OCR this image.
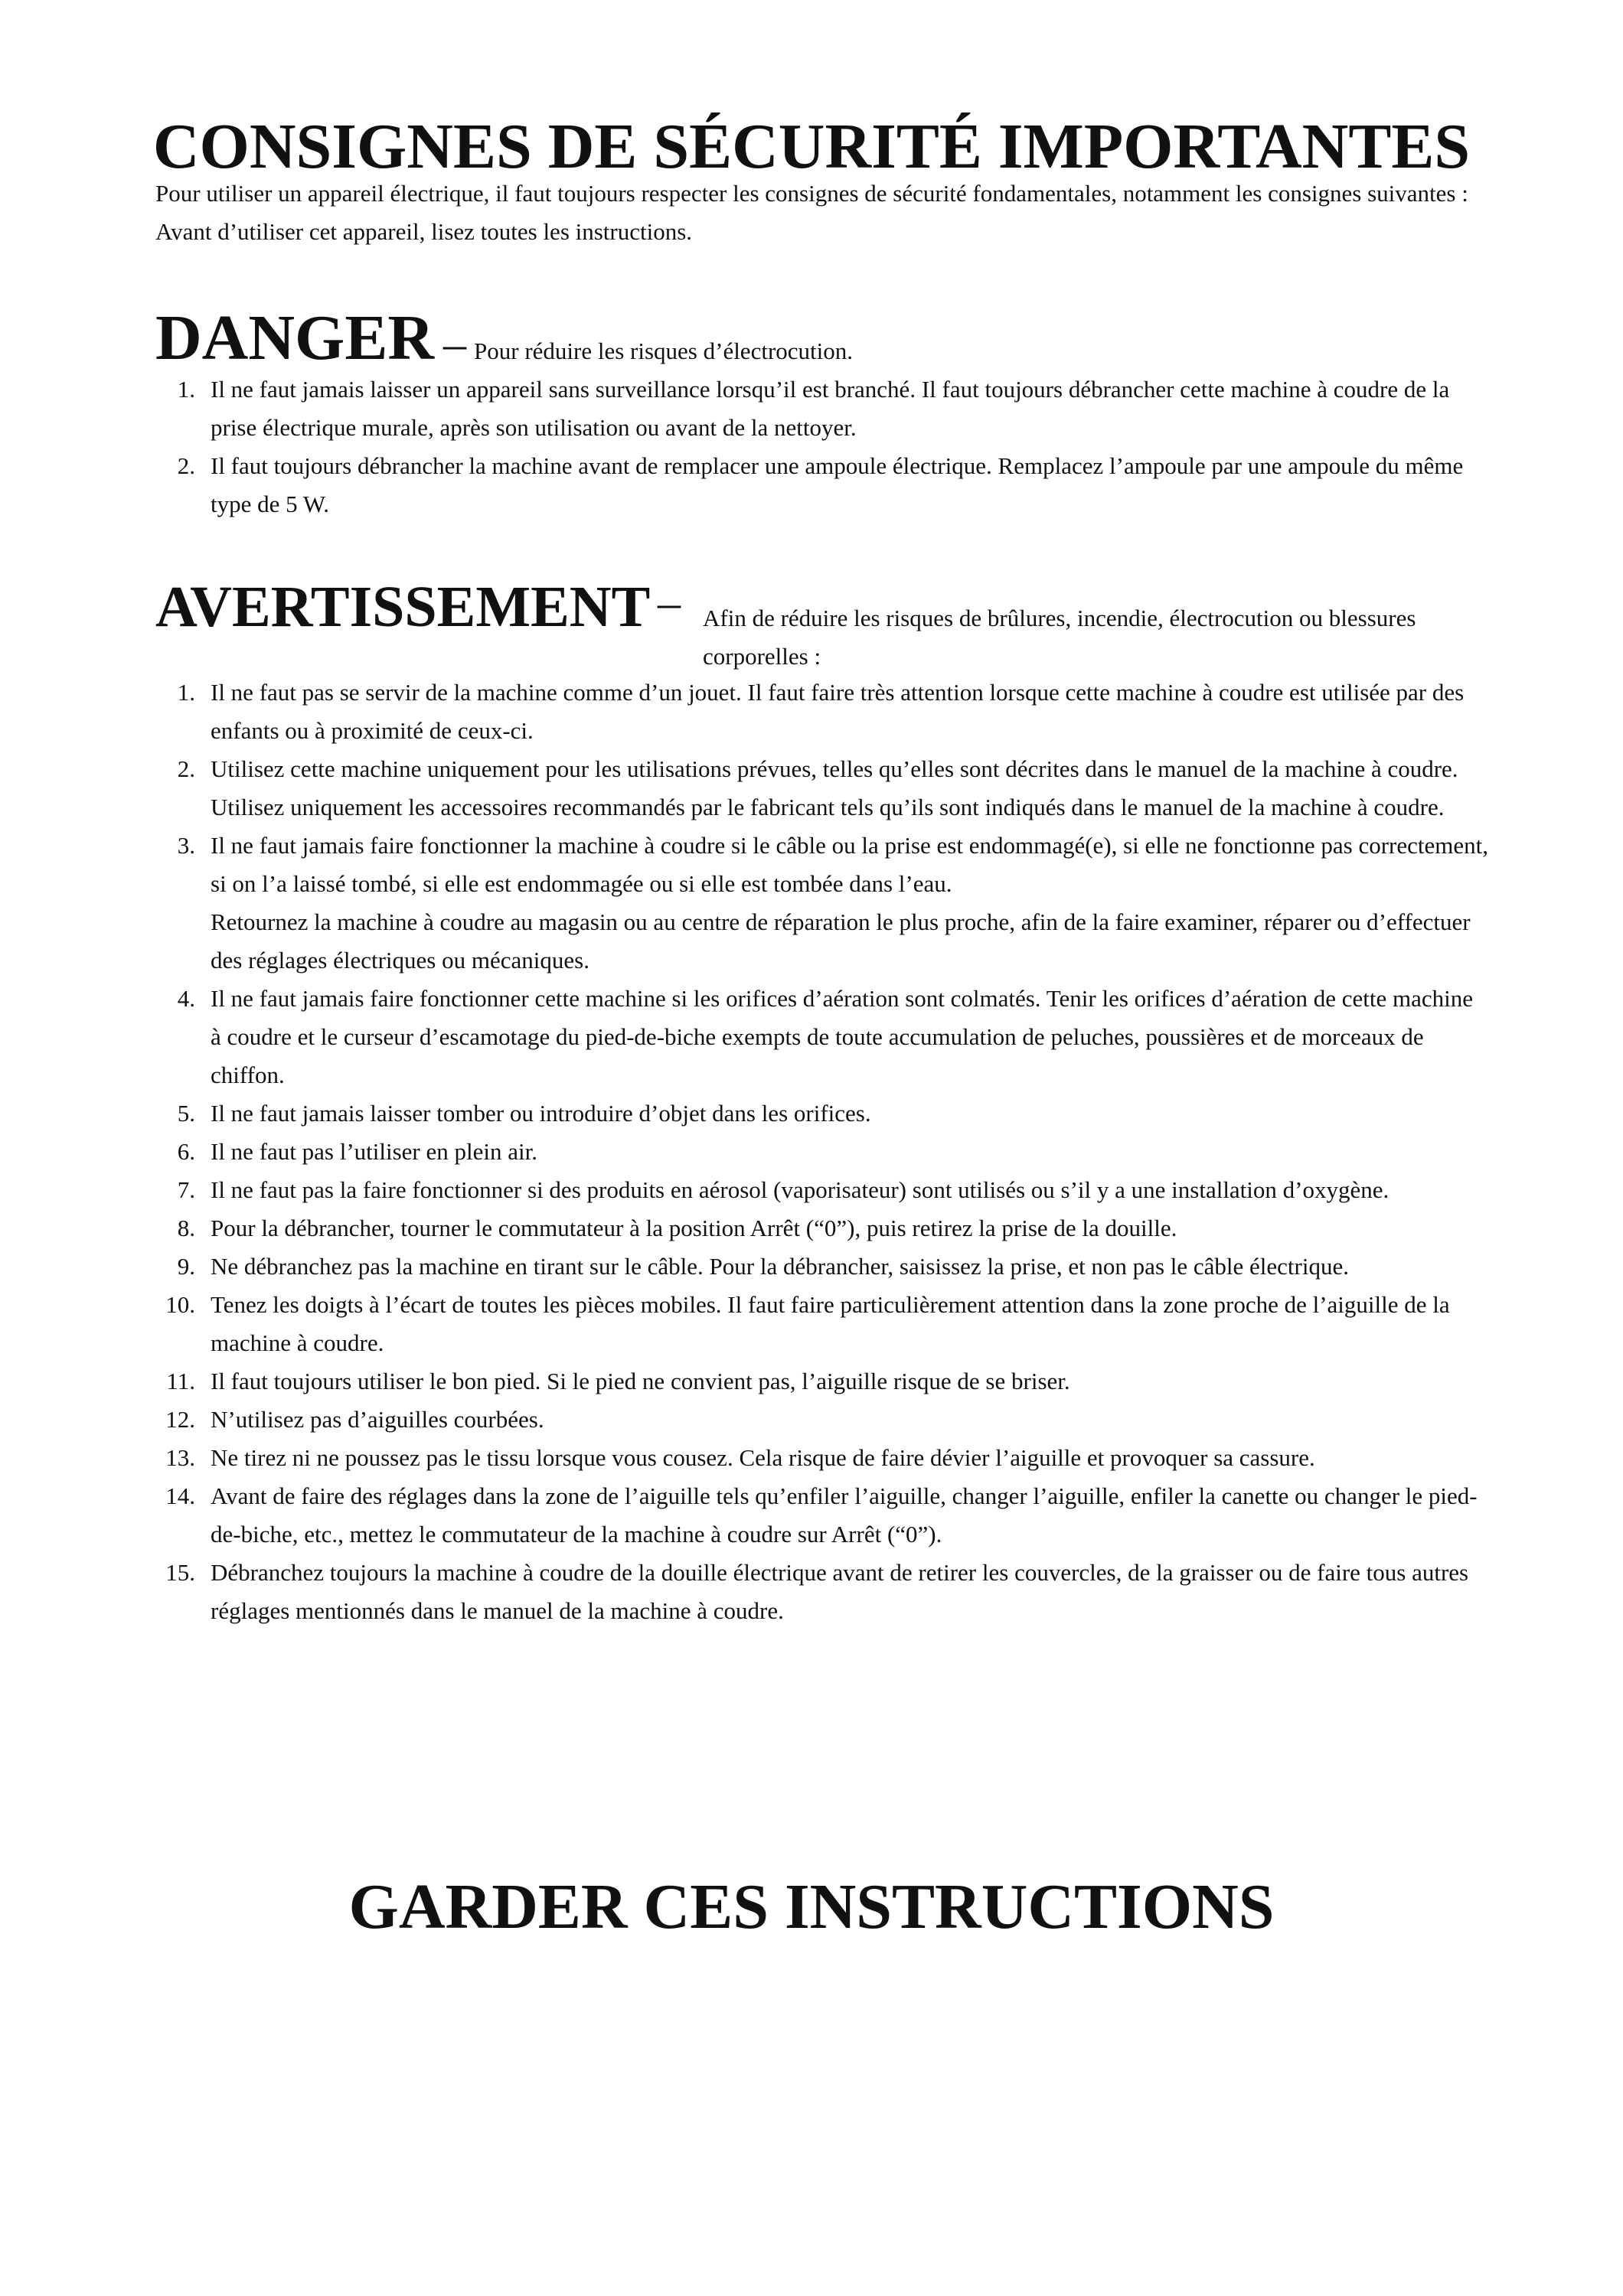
CONSIGNES DE SÉCURITÉ IMPORTANTES

Pour utiliser un appareil électrique, il faut toujours respecter les consignes de sécurité fondamentales, notamment les consignes suivantes :

Avant d’utiliser cet appareil, lisez toutes les instructions.

DANGER – Pour réduire les risques d’électrocution.
1. Il ne faut jamais laisser un appareil sans surveillance lorsqu’il est branché. Il faut toujours débrancher cette machine à coudre de la prise électrique murale, après son utilisation ou avant de la nettoyer.
2. Il faut toujours débrancher la machine avant de remplacer une ampoule électrique. Remplacez l’ampoule par une ampoule du même type de 5 W.
AVERTISSEMENT – Afin de réduire les risques de brûlures, incendie, électrocution ou blessures corporelles :
1. Il ne faut pas se servir de la machine comme d’un jouet. Il faut faire très attention lorsque cette machine à coudre est utilisée par des enfants ou à proximité de ceux-ci.
2. Utilisez cette machine uniquement pour les utilisations prévues, telles qu’elles sont décrites dans le manuel de la machine à coudre.
Utilisez uniquement les accessoires recommandés par le fabricant tels qu’ils sont indiqués dans le manuel de la machine à coudre.
3. Il ne faut jamais faire fonctionner la machine à coudre si le câble ou la prise est endommagé(e), si elle ne fonctionne pas correctement, si on l’a laissé tombé, si elle est endommagée ou si elle est tombée dans l’eau.
Retournez la machine à coudre au magasin ou au centre de réparation le plus proche, afin de la faire examiner, réparer ou d’effectuer des réglages électriques ou mécaniques.
4. Il ne faut jamais faire fonctionner cette machine si les orifices d’aération sont colmatés. Tenir les orifices d’aération de cette machine à coudre et le curseur d’escamotage du pied-de-biche exempts de toute accumulation de peluches, poussières et de morceaux de chiffon.
5. Il ne faut jamais laisser tomber ou introduire d’objet dans les orifices.
6. Il ne faut pas l’utiliser en plein air.
7. Il ne faut pas la faire fonctionner si des produits en aérosol (vaporisateur) sont utilisés ou s’il y a une installation d’oxygène.
8. Pour la débrancher, tourner le commutateur à la position Arrêt (“0”), puis retirez la prise de la douille.
9. Ne débranchez pas la machine en tirant sur le câble. Pour la débrancher, saisissez la prise, et non pas le câble électrique.
10. Tenez les doigts à l’écart de toutes les pièces mobiles. Il faut faire particulièrement attention dans la zone proche de l’aiguille de la machine à coudre.
11. Il faut toujours utiliser le bon pied. Si le pied ne convient pas, l’aiguille risque de se briser.
12. N’utilisez pas d’aiguilles courbées.
13. Ne tirez ni ne poussez pas le tissu lorsque vous cousez. Cela risque de faire dévier l’aiguille et provoquer sa cassure.
14. Avant de faire des réglages dans la zone de l’aiguille tels qu’enfiler l’aiguille, changer l’aiguille, enfiler la canette ou changer le pied-de-biche, etc., mettez le commutateur de la machine à coudre sur Arrêt (“0”).
15. Débranchez toujours la machine à coudre de la douille électrique avant de retirer les couvercles, de la graisser ou de faire tous autres réglages mentionnés dans le manuel de la machine à coudre.
GARDER CES INSTRUCTIONS
